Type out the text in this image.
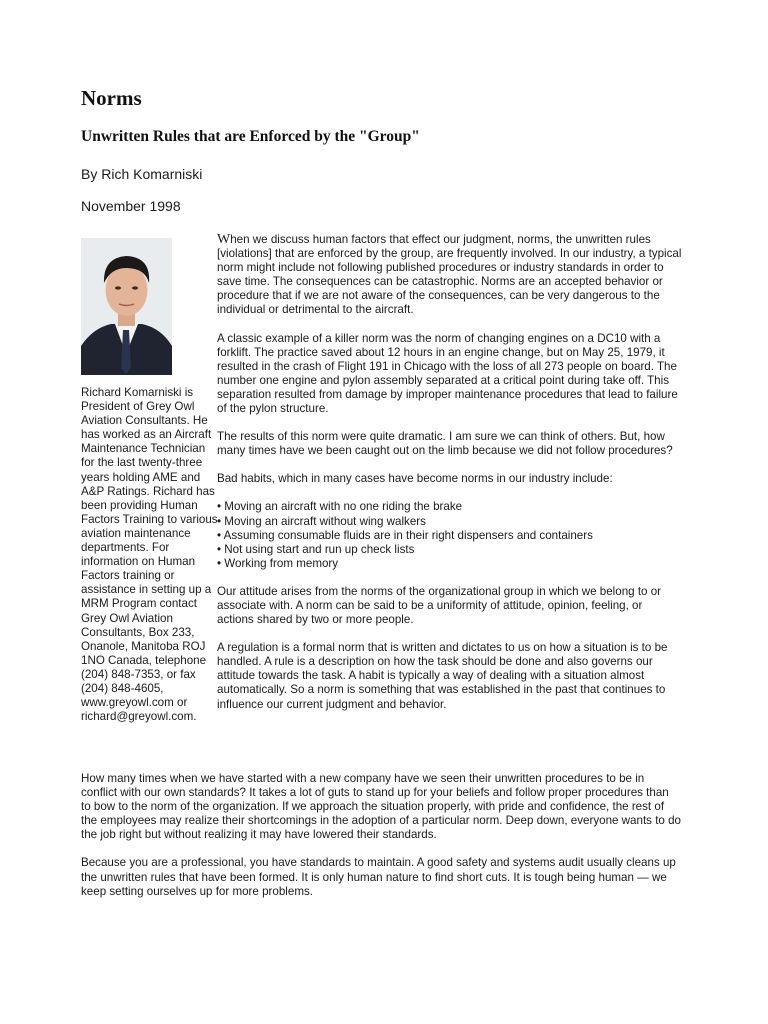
Norms
Unwritten Rules that are Enforced by the "Group"
By Rich Komarniski
November 1998

Richard Komarniski is President of Grey Owl Aviation Consultants. He has worked as an Aircraft Maintenance Technician for the last twenty-three years holding AME and A&P Ratings. Richard has been providing Human Factors Training to various aviation maintenance departments. For information on Human Factors training or assistance in setting up a MRM Program contact Grey Owl Aviation Consultants, Box 233, Onanole, Manitoba ROJ 1NO Canada, telephone (204) 848-7353, or fax (204) 848-4605, www.greyowl.com or richard@greyowl.com.

When we discuss human factors that effect our judgment, norms, the unwritten rules [violations] that are enforced by the group, are frequently involved. In our industry, a typical norm might include not following published procedures or industry standards in order to save time. The consequences can be catastrophic. Norms are an accepted behavior or procedure that if we are not aware of the consequences, can be very dangerous to the individual or detrimental to the aircraft.

A classic example of a killer norm was the norm of changing engines on a DC10 with a forklift. The practice saved about 12 hours in an engine change, but on May 25, 1979, it resulted in the crash of Flight 191 in Chicago with the loss of all 273 people on board. The number one engine and pylon assembly separated at a critical point during take off. This separation resulted from damage by improper maintenance procedures that lead to failure of the pylon structure.

The results of this norm were quite dramatic. I am sure we can think of others. But, how many times have we been caught out on the limb because we did not follow procedures?

Bad habits, which in many cases have become norms in our industry include:

• Moving an aircraft with no one riding the brake
• Moving an aircraft without wing walkers
• Assuming consumable fluids are in their right dispensers and containers
• Not using start and run up check lists
• Working from memory

Our attitude arises from the norms of the organizational group in which we belong to or associate with. A norm can be said to be a uniformity of attitude, opinion, feeling, or actions shared by two or more people.

A regulation is a formal norm that is written and dictates to us on how a situation is to be handled. A rule is a description on how the task should be done and also governs our attitude towards the task. A habit is typically a way of dealing with a situation almost automatically. So a norm is something that was established in the past that continues to influence our current judgment and behavior.

How many times when we have started with a new company have we seen their unwritten procedures to be in conflict with our own standards? It takes a lot of guts to stand up for your beliefs and follow proper procedures than to bow to the norm of the organization. If we approach the situation properly, with pride and confidence, the rest of the employees may realize their shortcomings in the adoption of a particular norm. Deep down, everyone wants to do the job right but without realizing it may have lowered their standards.

Because you are a professional, you have standards to maintain. A good safety and systems audit usually cleans up the unwritten rules that have been formed. It is only human nature to find short cuts. It is tough being human — we keep setting ourselves up for more problems.
